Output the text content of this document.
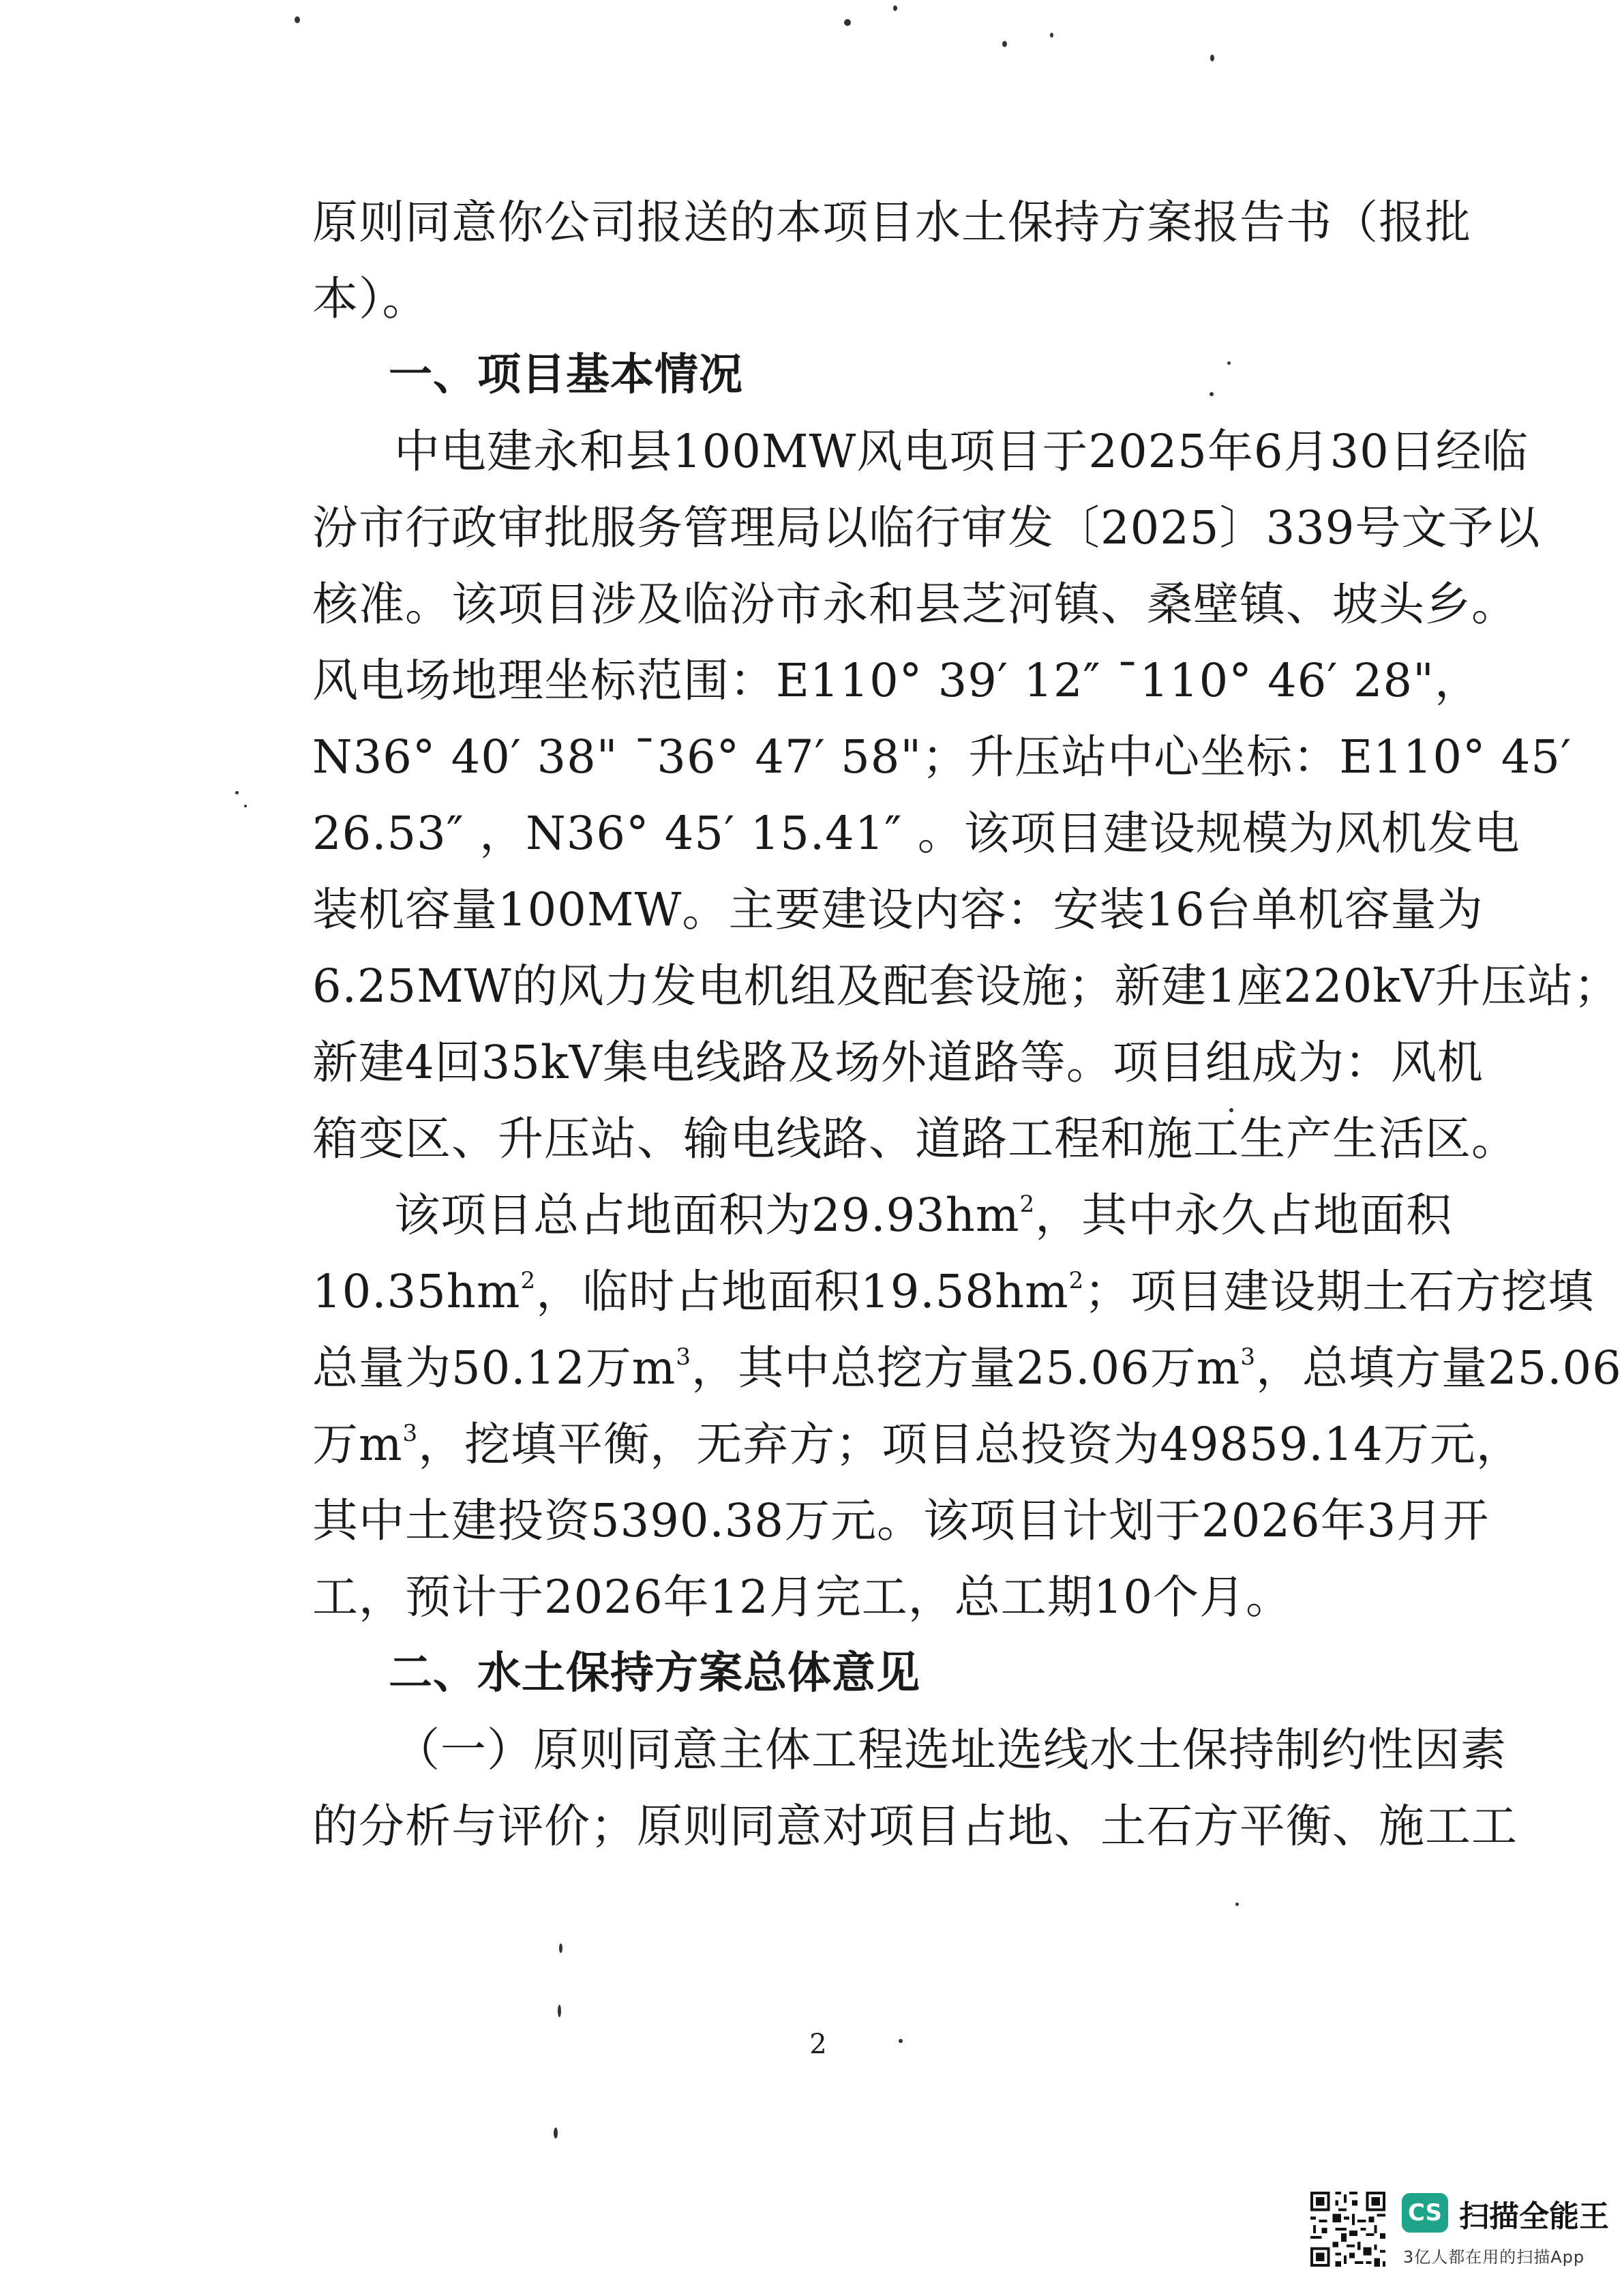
原则同意你公司报送的本项目水土保持方案报告书（报批
本）。
一、项目基本情况
中电建永和县100MW风电项目于2025年6月30日经临
汾市行政审批服务管理局以临行审发〔2025〕339号文予以
核准。该项目涉及临汾市永和县芝河镇、桑壁镇、坡头乡。
风电场地理坐标范围：E110° 39′ 12″ ¯110° 46′ 28"，
N36° 40′ 38" ¯36° 47′ 58"；升压站中心坐标：E110° 45′
26.53″ ，N36° 45′ 15.41″ 。该项目建设规模为风机发电
装机容量100MW。主要建设内容：安装16台单机容量为
6.25MW的风力发电机组及配套设施；新建1座220kV升压站；
新建4回35kV集电线路及场外道路等。项目组成为：风机
箱变区、升压站、输电线路、道路工程和施工生产生活区。
该项目总占地面积为$29.93hm^2$，其中永久占地面积
$10.35hm^2$，临时占地面积$19.58hm^2$；项目建设期土石方挖填
总量为50.12万$m^3$，其中总挖方量25.06万$m^3$，总填方量25.06
万$m^3$，挖填平衡，无弃方；项目总投资为49859.14万元，
其中土建投资5390.38万元。该项目计划于2026年3月开
工，预计于2026年12月完工，总工期10个月。
二、水土保持方案总体意见
（一）原则同意主体工程选址选线水土保持制约性因素
的分析与评价；原则同意对项目占地、土石方平衡、施工工
2
CS 扫描全能王
3亿人都在用的扫描App
